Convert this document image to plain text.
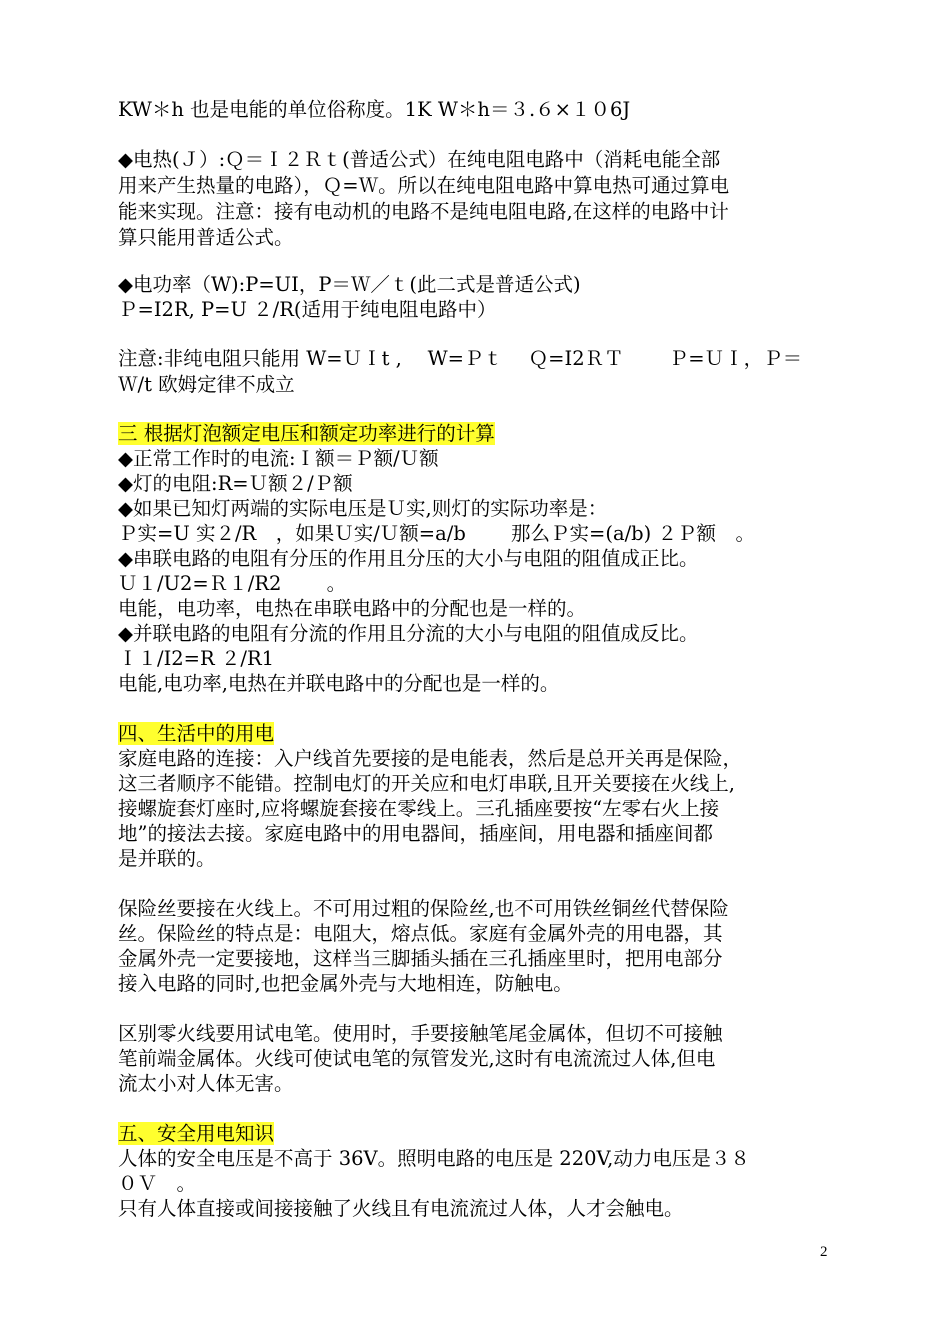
KW＊h 也是电能的单位俗称度。1K W＊h＝３.６×１０6J
◆电热(Ｊ）:Ｑ＝Ｉ２Ｒｔ(普适公式）在纯电阻电路中（消耗电能全部
用来产生热量的电路），Ｑ=Ｗ。所以在纯电阻电路中算电热可通过算电
能来实现。注意：接有电动机的电路不是纯电阻电路,在这样的电路中计
算只能用普适公式。
◆电功率（W):P=UI，P＝Ｗ／ｔ(此二式是普适公式)
Ｐ=I2R, P=U ２/R(适用于纯电阻电路中）
注意:非纯电阻只能用 W=ＵＩt ,　 W=Ｐｔ　 Ｑ=I2ＲＴ　　 Ｐ=ＵＩ，Ｐ＝
Ｗ/t 欧姆定律不成立
三 根据灯泡额定电压和额定功率进行的计算
◆正常工作时的电流:Ｉ额＝Ｐ额/Ｕ额
◆灯的电阻:R=Ｕ额２/Ｐ额
◆如果已知灯两端的实际电压是Ｕ实,则灯的实际功率是：
Ｐ实=U 实２/R　，如果Ｕ实/Ｕ额=a/b　　 那么Ｐ实=(a/b) ２Ｐ额　。
◆串联电路的电阻有分压的作用且分压的大小与电阻的阻值成正比。
Ｕ１/U2=Ｒ１/R2　　 。
电能，电功率，电热在串联电路中的分配也是一样的。
◆并联电路的电阻有分流的作用且分流的大小与电阻的阻值成反比。
Ｉ１/I2=R ２/R1
电能,电功率,电热在并联电路中的分配也是一样的。
四、生活中的用电
家庭电路的连接：入户线首先要接的是电能表，然后是总开关再是保险，
这三者顺序不能错。控制电灯的开关应和电灯串联,且开关要接在火线上,
接螺旋套灯座时,应将螺旋套接在零线上。三孔插座要按“左零右火上接
地”的接法去接。家庭电路中的用电器间，插座间，用电器和插座间都
是并联的。
保险丝要接在火线上。不可用过粗的保险丝,也不可用铁丝铜丝代替保险
丝。保险丝的特点是：电阻大，熔点低。家庭有金属外壳的用电器，其
金属外壳一定要接地，这样当三脚插头插在三孔插座里时，把用电部分
接入电路的同时,也把金属外壳与大地相连，防触电。
区别零火线要用试电笔。使用时，手要接触笔尾金属体，但切不可接触
笔前端金属体。火线可使试电笔的氖管发光,这时有电流流过人体,但电
流太小对人体无害。
五、安全用电知识
人体的安全电压是不高于 36V。照明电路的电压是 220V,动力电压是３８
０Ｖ　。
只有人体直接或间接接触了火线且有电流流过人体，人才会触电。
2
